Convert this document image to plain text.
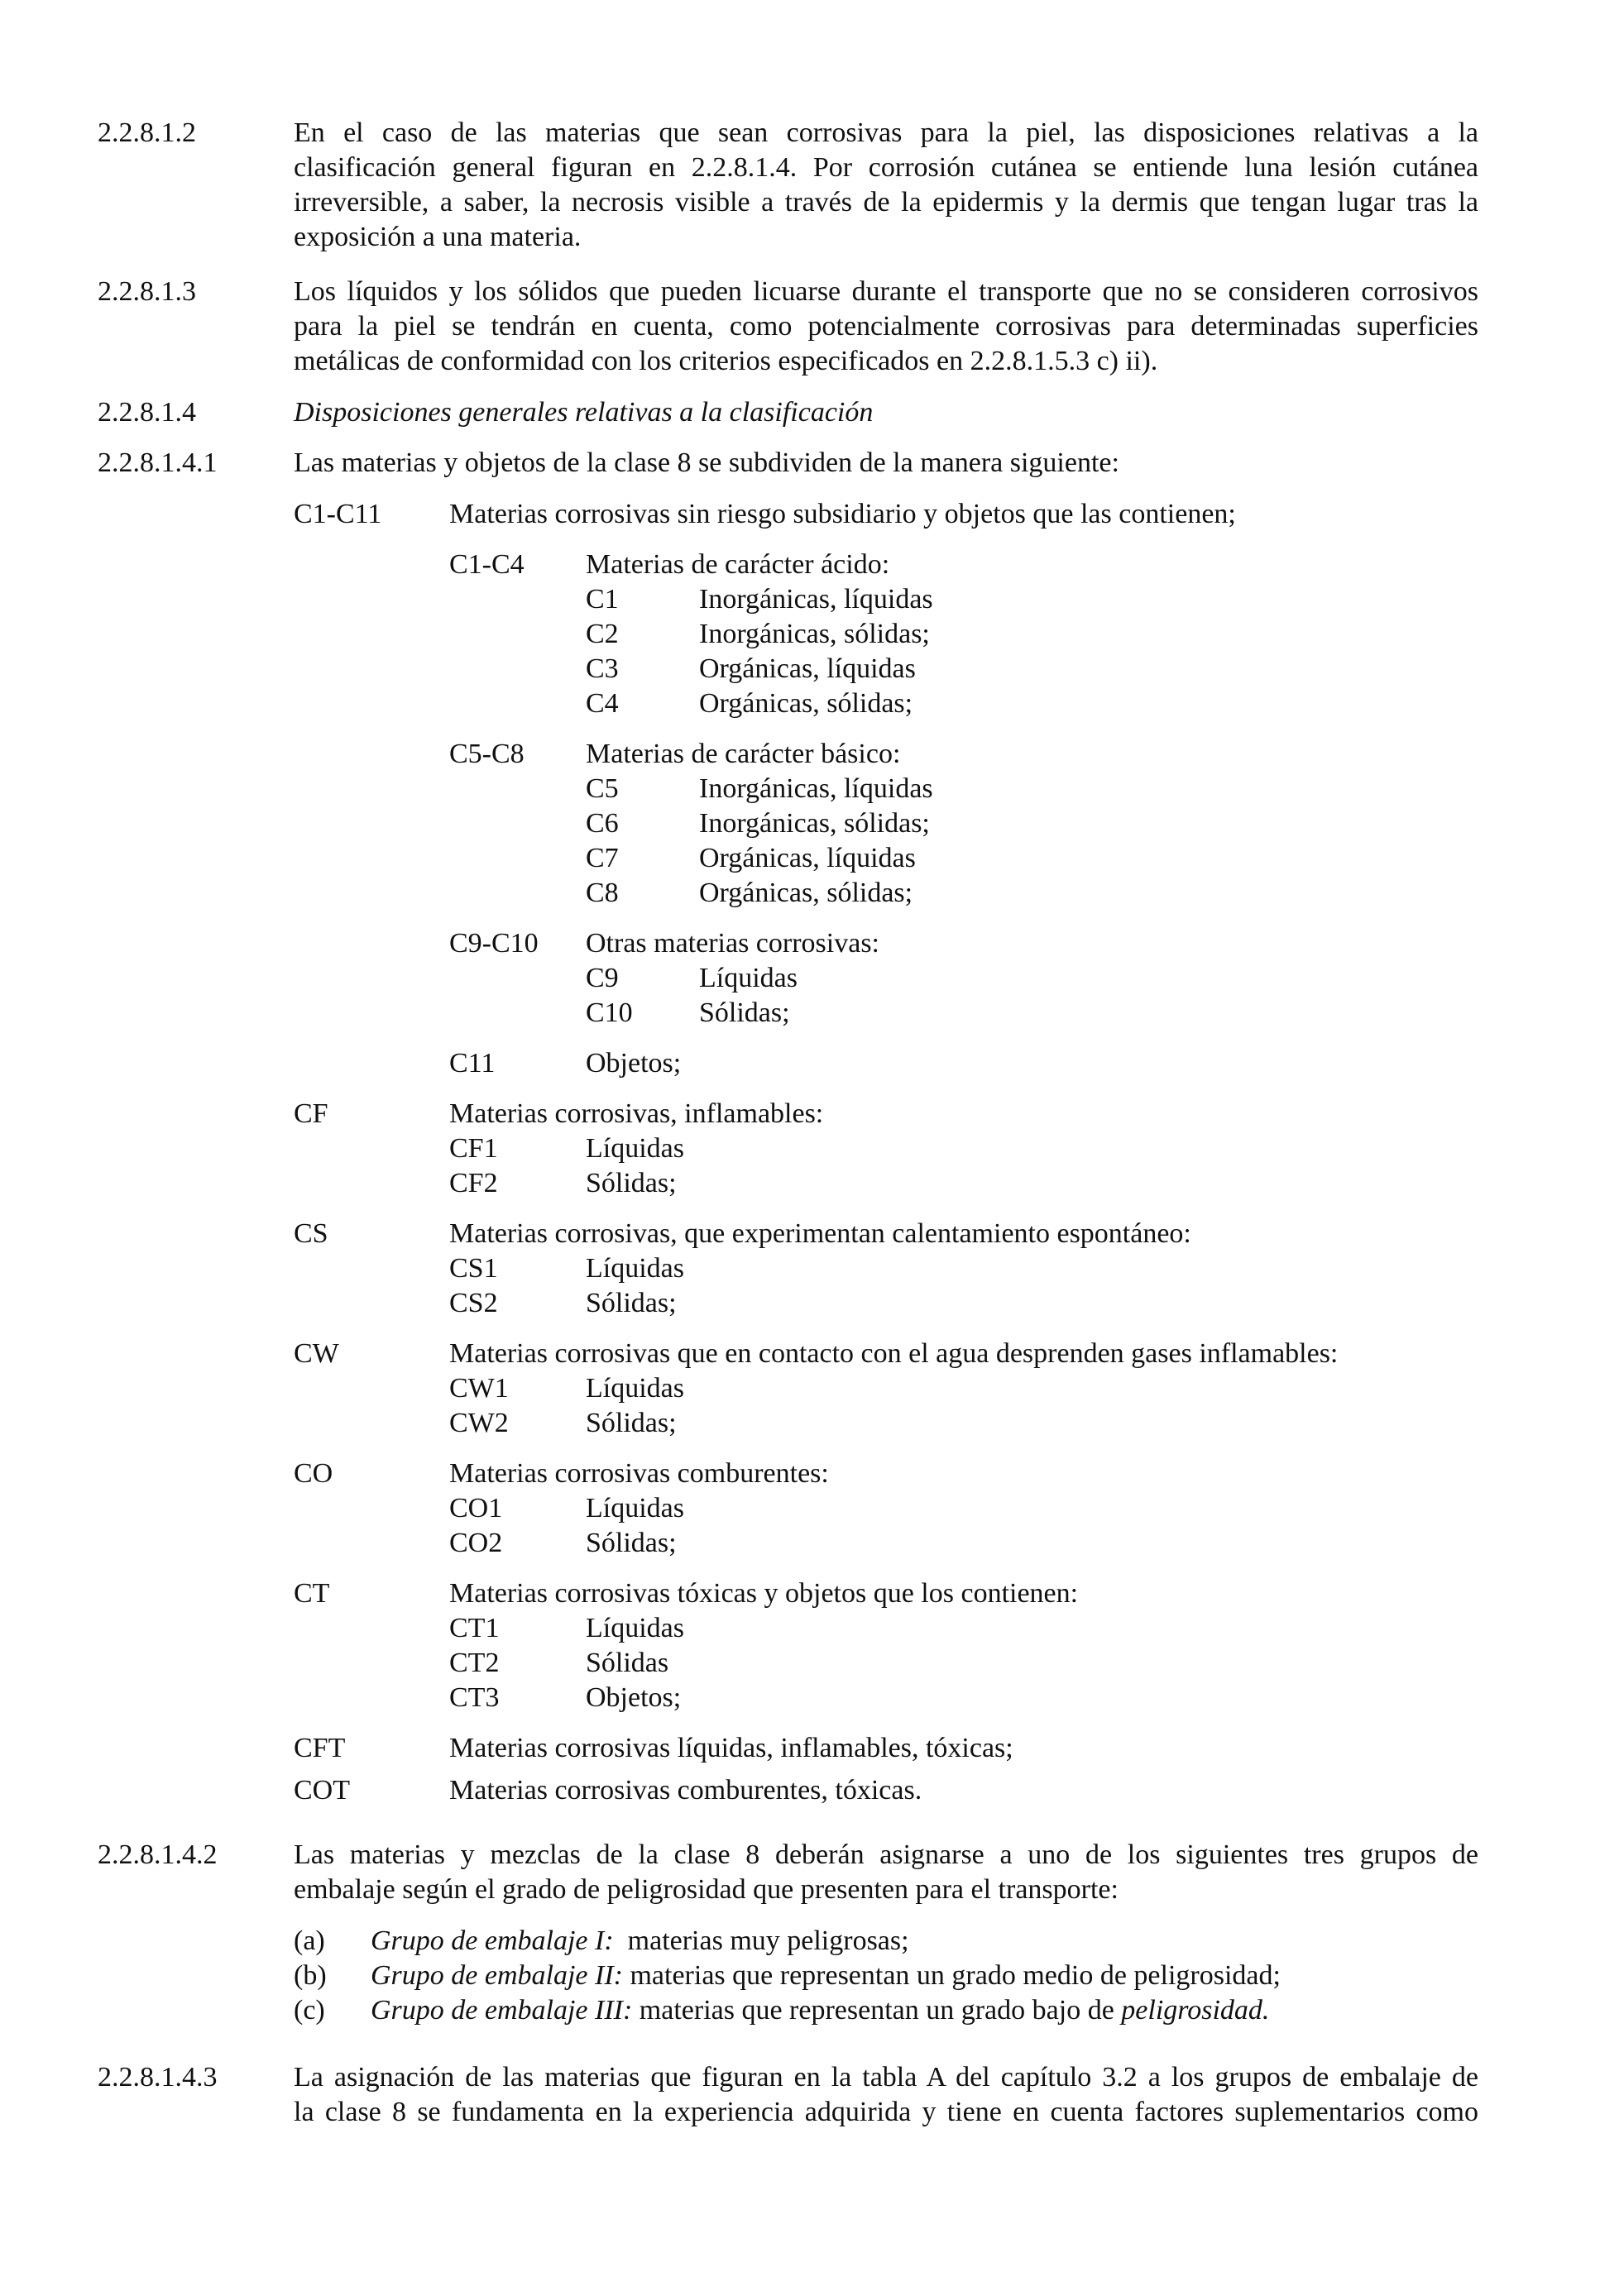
2.2.8.1.2	En el caso de las materias que sean corrosivas para la piel, las disposiciones relativas a la
clasificación general figuran en 2.2.8.1.4. Por corrosión cutánea se entiende luna lesión cutánea
irreversible, a saber, la necrosis visible a través de la epidermis y la dermis que tengan lugar tras la
exposición a una materia.
2.2.8.1.3	Los líquidos y los sólidos que pueden licuarse durante el transporte que no se consideren corrosivos
para la piel se tendrán en cuenta, como potencialmente corrosivas para determinadas superficies
metálicas de conformidad con los criterios especificados en 2.2.8.1.5.3 c) ii).
2.2.8.1.4	Disposiciones generales relativas a la clasificación
2.2.8.1.4.1	Las materias y objetos de la clase 8 se subdividen de la manera siguiente:
C1-C11 Materias corrosivas sin riesgo subsidiario y objetos que las contienen;
C1-C4 Materias de carácter ácido:
C1	Inorgánicas, líquidas
C2	Inorgánicas, sólidas;
C3	Orgánicas, líquidas
C4	Orgánicas, sólidas;
C5-C8 Materias de carácter básico:
C5	Inorgánicas, líquidas
C6	Inorgánicas, sólidas;
C7	Orgánicas, líquidas
C8	Orgánicas, sólidas;
C9-C10 Otras materias corrosivas:
C9	Líquidas
C10 Sólidas;
C11	Objetos;
CF	Materias corrosivas, inflamables:
CF1	Líquidas
CF2	Sólidas;
CS	Materias corrosivas, que experimentan calentamiento espontáneo:
CS1	Líquidas
CS2	Sólidas;
CW	Materias corrosivas que en contacto con el agua desprenden gases inflamables:
CW1	Líquidas
CW2	Sólidas;
CO	Materias corrosivas comburentes:
CO1	Líquidas
CO2	Sólidas;
CT	Materias corrosivas tóxicas y objetos que los contienen:
CT1	Líquidas
CT2	Sólidas
CT3	Objetos;
CFT	Materias corrosivas líquidas, inflamables, tóxicas;
COT	Materias corrosivas comburentes, tóxicas.
2.2.8.1.4.2	Las materias y mezclas de la clase 8 deberán asignarse a uno de los siguientes tres grupos de
embalaje según el grado de peligrosidad que presenten para el transporte:
(a) Grupo de embalaje I:  materias muy peligrosas;
(b) Grupo de embalaje II: materias que representan un grado medio de peligrosidad;
(c) Grupo de embalaje III: materias que representan un grado bajo de peligrosidad.
2.2.8.1.4.3	La asignación de las materias que figuran en la tabla A del capítulo 3.2 a los grupos de embalaje de
la clase 8 se fundamenta en la experiencia adquirida y tiene en cuenta factores suplementarios como
